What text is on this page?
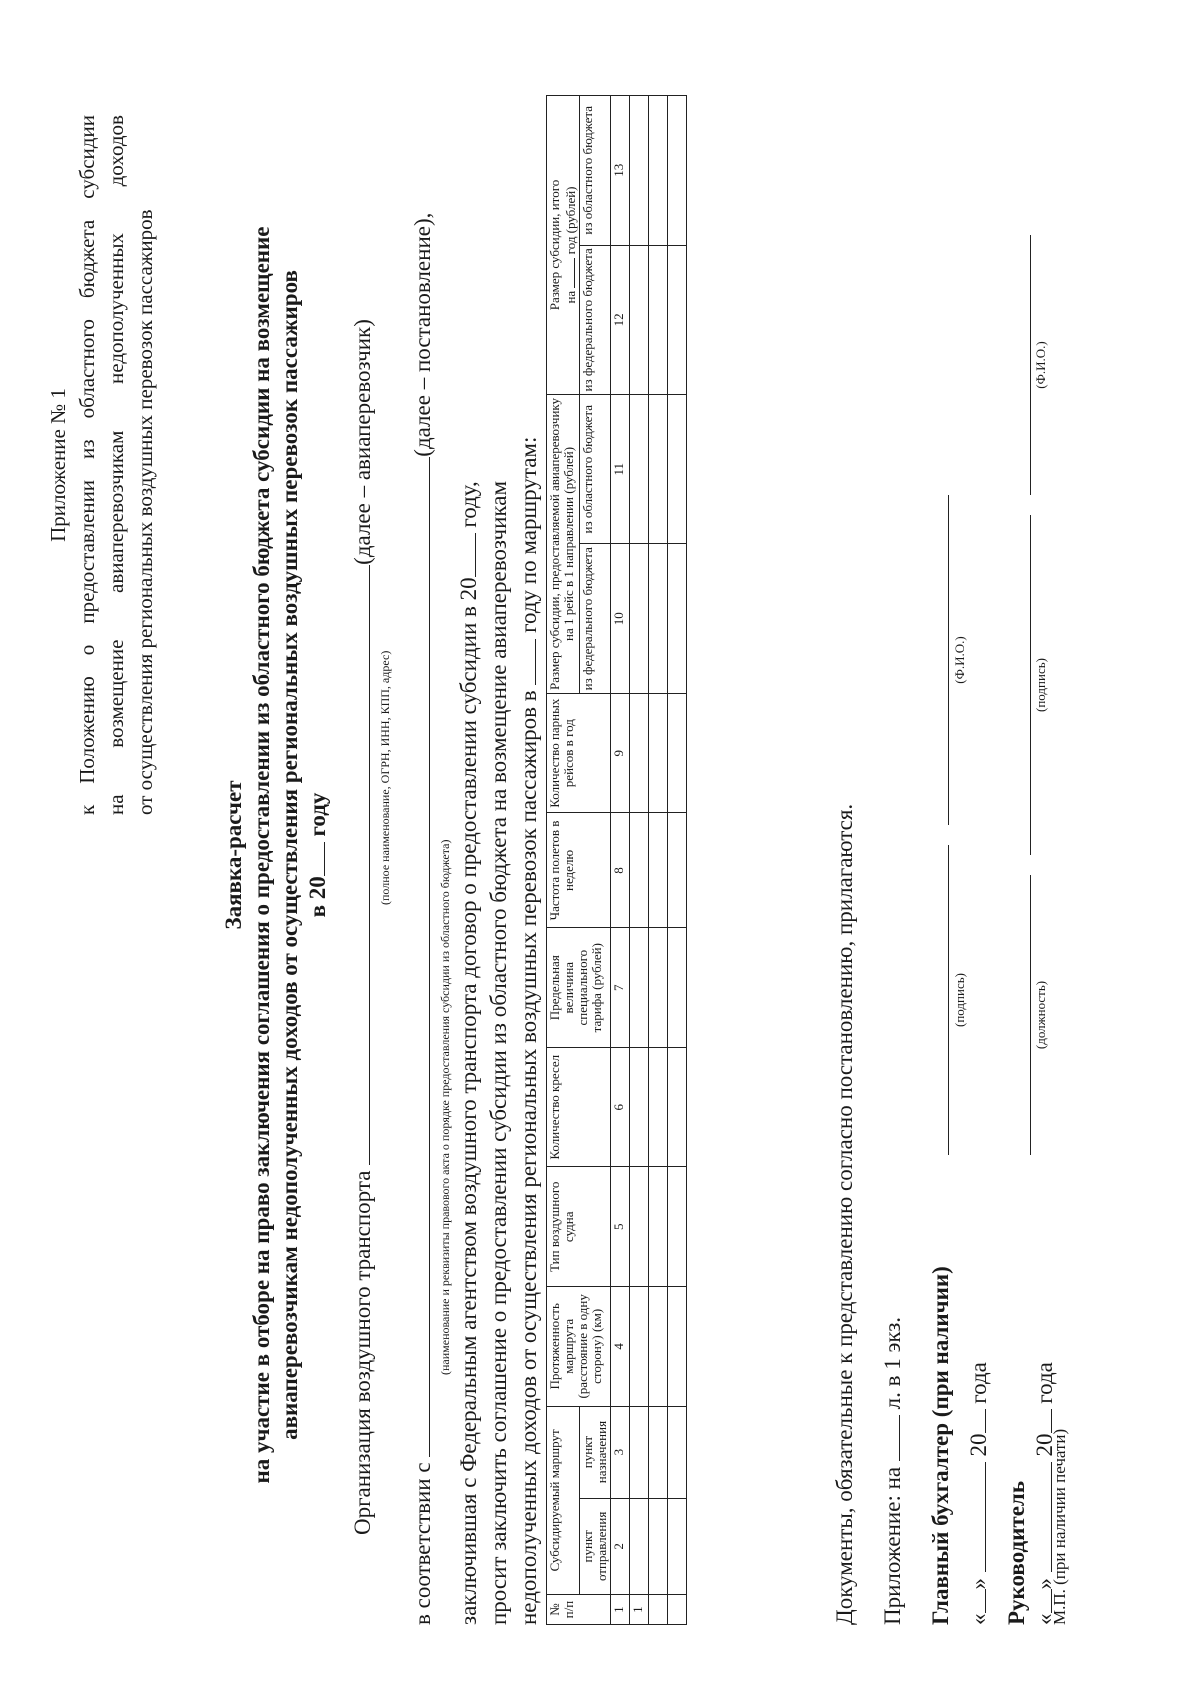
Приложение № 1
к
Положению
о
предоставлении
из
областного
бюджета
субсидии
на
возмещение
авиаперевозчикам
недополученных
доходов
от осуществления региональных воздушных перевозок пассажиров
Заявка-расчет на участие в отборе на право заключения соглашения о предоставлении из областного бюджета субсидии на возмещение авиаперевозчикам недополученных доходов от осуществления региональных воздушных перевозок пассажиров в 20 году
Организация воздушного транспорта (далее – авиаперевозчик)
(полное наименование, ОГРН, ИНН, КПП, адрес)
в соответствии с (далее – постановление),
(наименование и реквизиты правового акта о порядке предоставления субсидии из областного бюджета) заключившая с Федеральным агентством воздушного транспорта договор о предоставлении субсидии в 20 году, просит заключить соглашение о предоставлении субсидии из областного бюджета на возмещение авиаперевозчикам недополученных доходов от осуществления региональных воздушных перевозок пассажиров в  году по маршрутам:
№ п/п	Субсидируемый маршрут		Протяженность маршрута (расстояние в одну сторону) (км)	Тип воздушного судна	Количество кресел	Предельная величина специального тарифа (рублей)	Частота полетов в неделю	Количество парных рейсов в год	Размер субсидии, предоставляемой авиаперевозчику на 1 рейс в 1 направлении (рублей)		Размер субсидии, итого
на  год (рублей)	
	пункт отправления	пункт назначения							из федерального бюджета	из областного бюджета	из федерального бюджета	из областного бюджета
1	2	3	4	5	6	7	8	9	10	11	12	13
1												

													Документы, обязательные к представлению согласно постановлению, прилагаются. Приложение: на  л. в 1 экз. Главный бухгалтер (при наличии)
(подпись)
(Ф.И.О.)
«»  20 года
Руководитель
(должность)
(подпись)
(Ф.И.О.)
«»  20 года
М.П. (при наличии печати)
